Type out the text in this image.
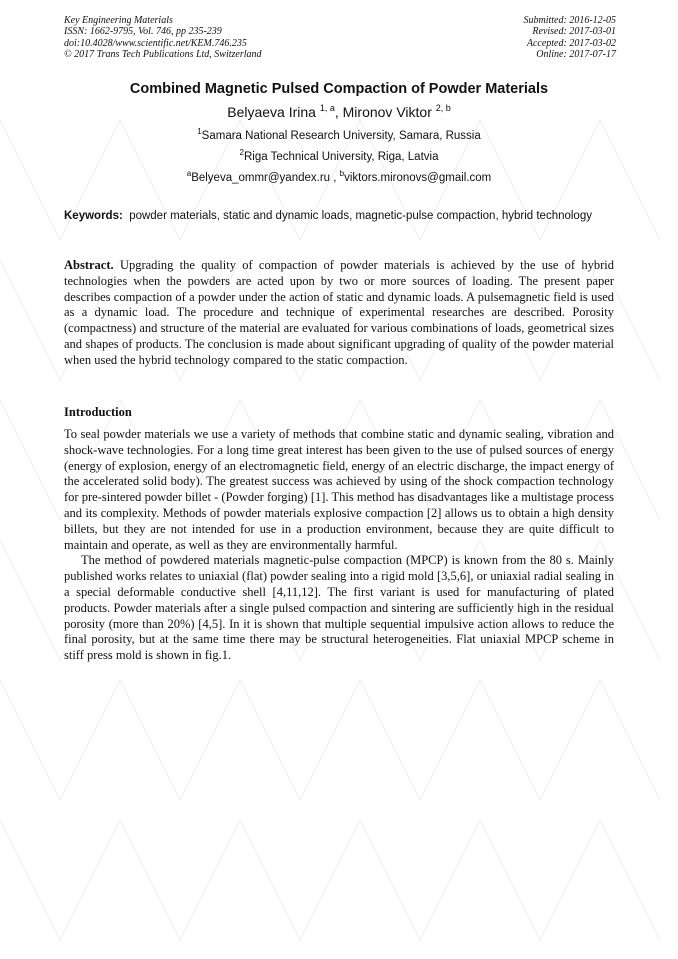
Key Engineering Materials
ISSN: 1662-9795, Vol. 746, pp 235-239
doi:10.4028/www.scientific.net/KEM.746.235
© 2017 Trans Tech Publications Ltd, Switzerland
Submitted: 2016-12-05
Revised: 2017-03-01
Accepted: 2017-03-02
Online: 2017-07-17
Combined Magnetic Pulsed Compaction of Powder Materials
Belyaeva Irina $^{1, a}$, Mironov Viktor $^{2, b}$
$^1$Samara National Research University, Samara, Russia
$^2$Riga Technical University, Riga, Latvia
$^a$Belyeva_ommr@yandex.ru , $^b$viktors.mironovs@gmail.com
Keywords: powder materials, static and dynamic loads, magnetic-pulse compaction, hybrid technology

Abstract. Upgrading the quality of compaction of powder materials is achieved by the use of hybrid technologies when the powders are acted upon by two or more sources of loading. The present paper describes compaction of a powder under the action of static and dynamic loads. A pulsemagnetic field is used as a dynamic load. The procedure and technique of experimental researches are described. Porosity (compactness) and structure of the material are evaluated for various combinations of loads, geometrical sizes and shapes of products. The conclusion is made about significant upgrading of quality of the powder material when used the hybrid technology compared to the static compaction.

Introduction

To seal powder materials we use a variety of methods that combine static and dynamic sealing, vibration and shock-wave technologies. For a long time great interest has been given to the use of pulsed sources of energy (energy of explosion, energy of an electromagnetic field, energy of an electric discharge, the impact energy of the accelerated solid body). The greatest success was achieved by using of the shock compaction technology for pre-sintered powder billet - (Powder forging) [1]. This method has disadvantages like a multistage process and its complexity. Methods of powder materials explosive compaction [2] allows us to obtain a high density billets, but they are not intended for use in a production environment, because they are quite difficult to maintain and operate, as well as they are environmentally harmful.

The method of powdered materials magnetic-pulse compaction (MPCP) is known from the 80 s. Mainly published works relates to uniaxial (flat) powder sealing into a rigid mold [3,5,6], or uniaxial radial sealing in a special deformable conductive shell [4,11,12]. The first variant is used for manufacturing of plated products. Powder materials after a single pulsed compaction and sintering are sufficiently high in the residual porosity (more than 20%) [4,5]. In it is shown that multiple sequential impulsive action allows to reduce the final porosity, but at the same time there may be structural heterogeneities. Flat uniaxial MPCP scheme in stiff press mold is shown in fig.1.
